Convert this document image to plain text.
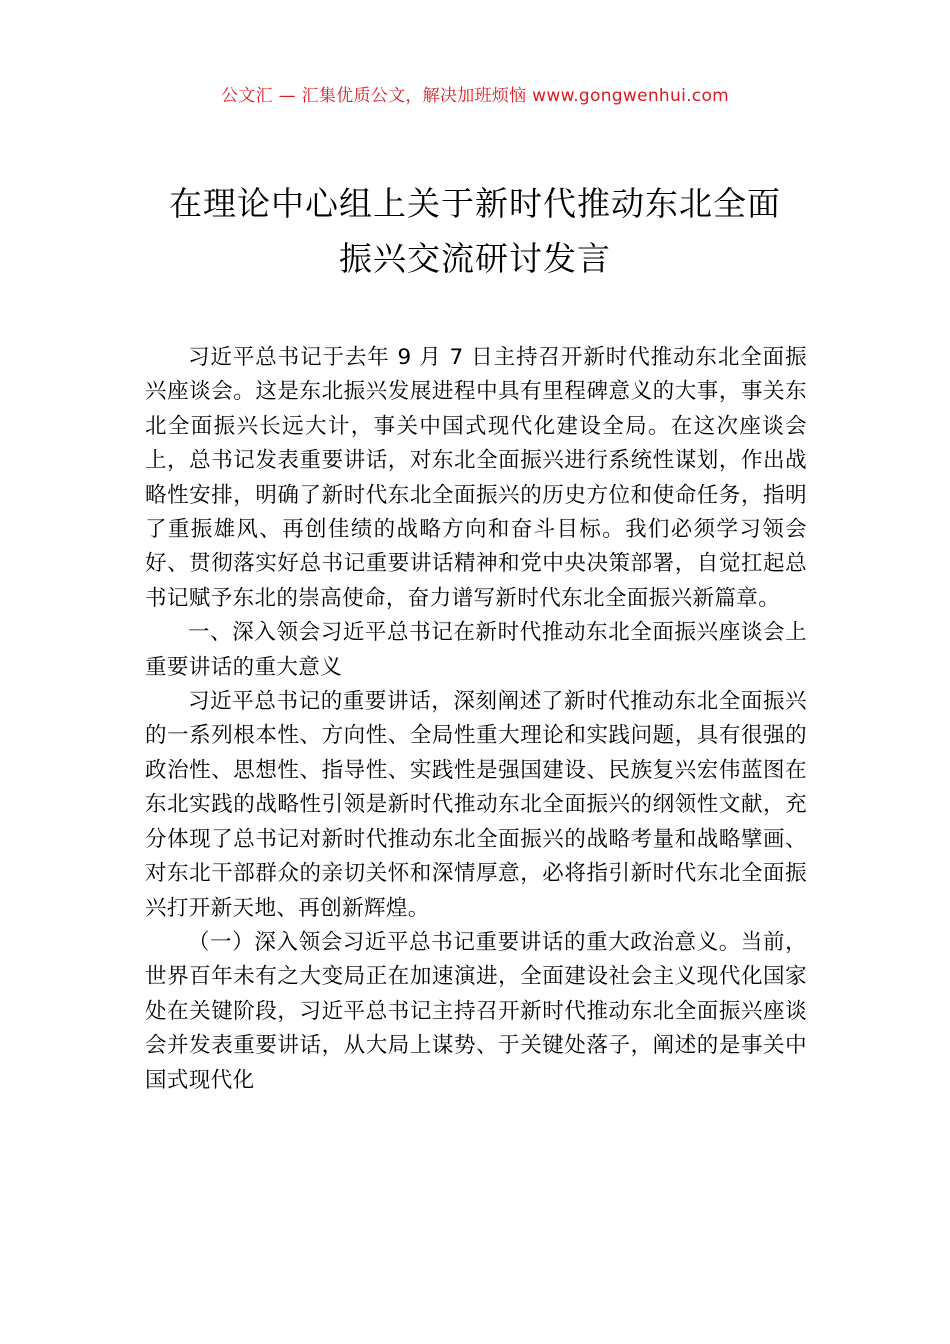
公文汇 — 汇集优质公文，解决加班烦恼 www.gongwenhui.com
在理论中心组上关于新时代推动东北全面
振兴交流研讨发言

习近平总书记于去年 9 月 7 日主持召开新时代推动东北全面振兴座谈会。这是东北振兴发展进程中具有里程碑意义的大事，事关东北全面振兴长远大计，事关中国式现代化建设全局。在这次座谈会上，总书记发表重要讲话，对东北全面振兴进行系统性谋划，作出战略性安排，明确了新时代东北全面振兴的历史方位和使命任务，指明了重振雄风、再创佳绩的战略方向和奋斗目标。我们必须学习领会好、贯彻落实好总书记重要讲话精神和党中央决策部署，自觉扛起总书记赋予东北的崇高使命，奋力谱写新时代东北全面振兴新篇章。

一、深入领会习近平总书记在新时代推动东北全面振兴座谈会上重要讲话的重大意义

习近平总书记的重要讲话，深刻阐述了新时代推动东北全面振兴的一系列根本性、方向性、全局性重大理论和实践问题，具有很强的政治性、思想性、指导性、实践性是强国建设、民族复兴宏伟蓝图在东北实践的战略性引领是新时代推动东北全面振兴的纲领性文献，充分体现了总书记对新时代推动东北全面振兴的战略考量和战略擘画、对东北干部群众的亲切关怀和深情厚意，必将指引新时代东北全面振兴打开新天地、再创新辉煌。

（一）深入领会习近平总书记重要讲话的重大政治意义。当前，世界百年未有之大变局正在加速演进，全面建设社会主义现代化国家处在关键阶段，习近平总书记主持召开新时代推动东北全面振兴座谈会并发表重要讲话，从大局上谋势、于关键处落子，阐述的是事关中国式现代化
